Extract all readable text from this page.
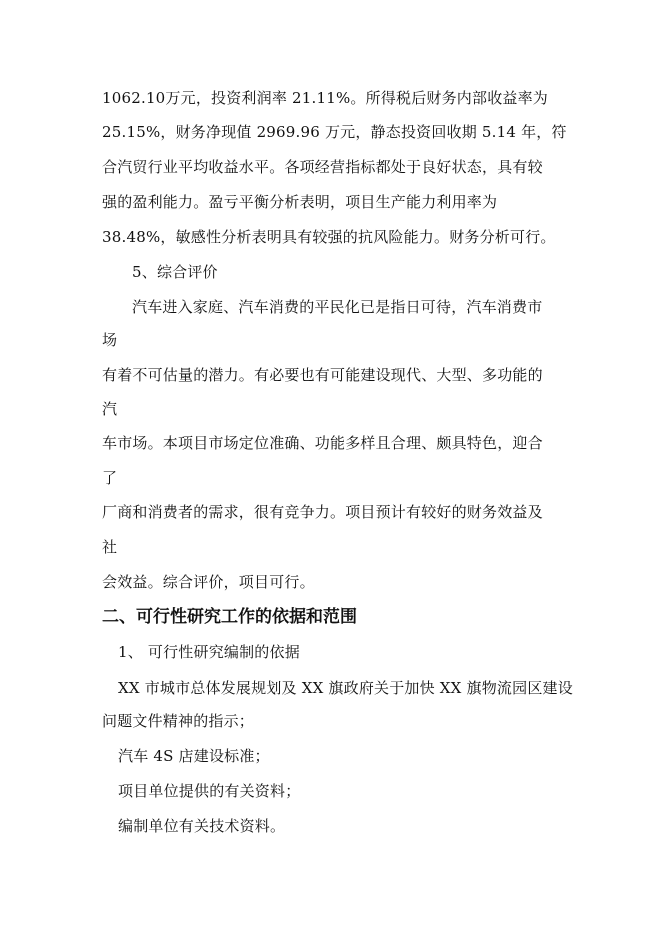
1062.10万元，投资利润率 21.11%。所得税后财务内部收益率为
25.15%，财务净现值 2969.96 万元，静态投资回收期 5.14 年，符
合汽贸行业平均收益水平。各项经营指标都处于良好状态，具有较
强的盈利能力。盈亏平衡分析表明，项目生产能力利用率为
38.48%，敏感性分析表明具有较强的抗风险能力。财务分析可行。
5、综合评价
汽车进入家庭、汽车消费的平民化已是指日可待，汽车消费市
场
有着不可估量的潜力。有必要也有可能建设现代、大型、多功能的
汽
车市场。本项目市场定位准确、功能多样且合理、颇具特色，迎合
了
厂商和消费者的需求，很有竞争力。项目预计有较好的财务效益及
社
会效益。综合评价，项目可行。
二、可行性研究工作的依据和范围
1、 可行性研究编制的依据
XX 市城市总体发展规划及 XX 旗政府关于加快 XX 旗物流园区建设
问题文件精神的指示；
汽车 4S 店建设标准；
项目单位提供的有关资料；
编制单位有关技术资料。
